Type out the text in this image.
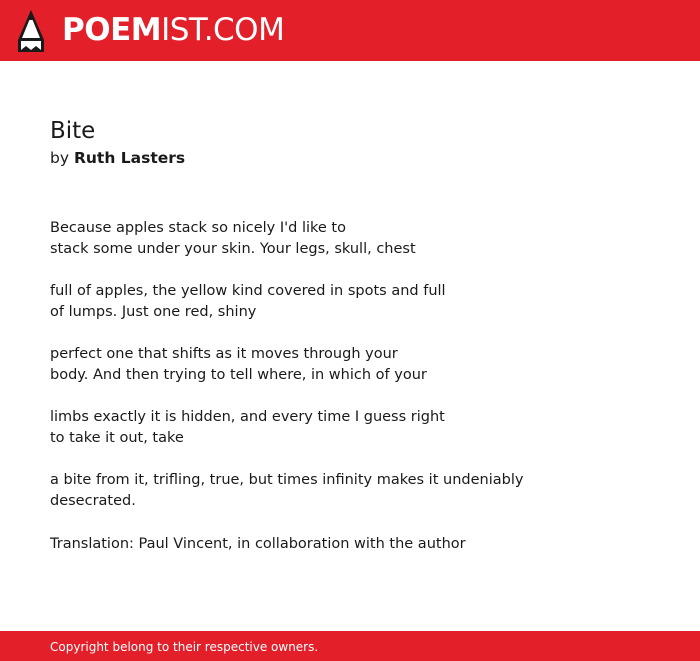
POEMIST.COM
Bite
by Ruth Lasters

Because apples stack so nicely I'd like to
stack some under your skin. Your legs, skull, chest

full of apples, the yellow kind covered in spots and full
of lumps. Just one red, shiny

perfect one that shifts as it moves through your
body. And then trying to tell where, in which of your

limbs exactly it is hidden, and every time I guess right
to take it out, take

a bite from it, trifling, true, but times infinity makes it undeniably
desecrated.

Translation: Paul Vincent, in collaboration with the author
Copyright belong to their respective owners.
